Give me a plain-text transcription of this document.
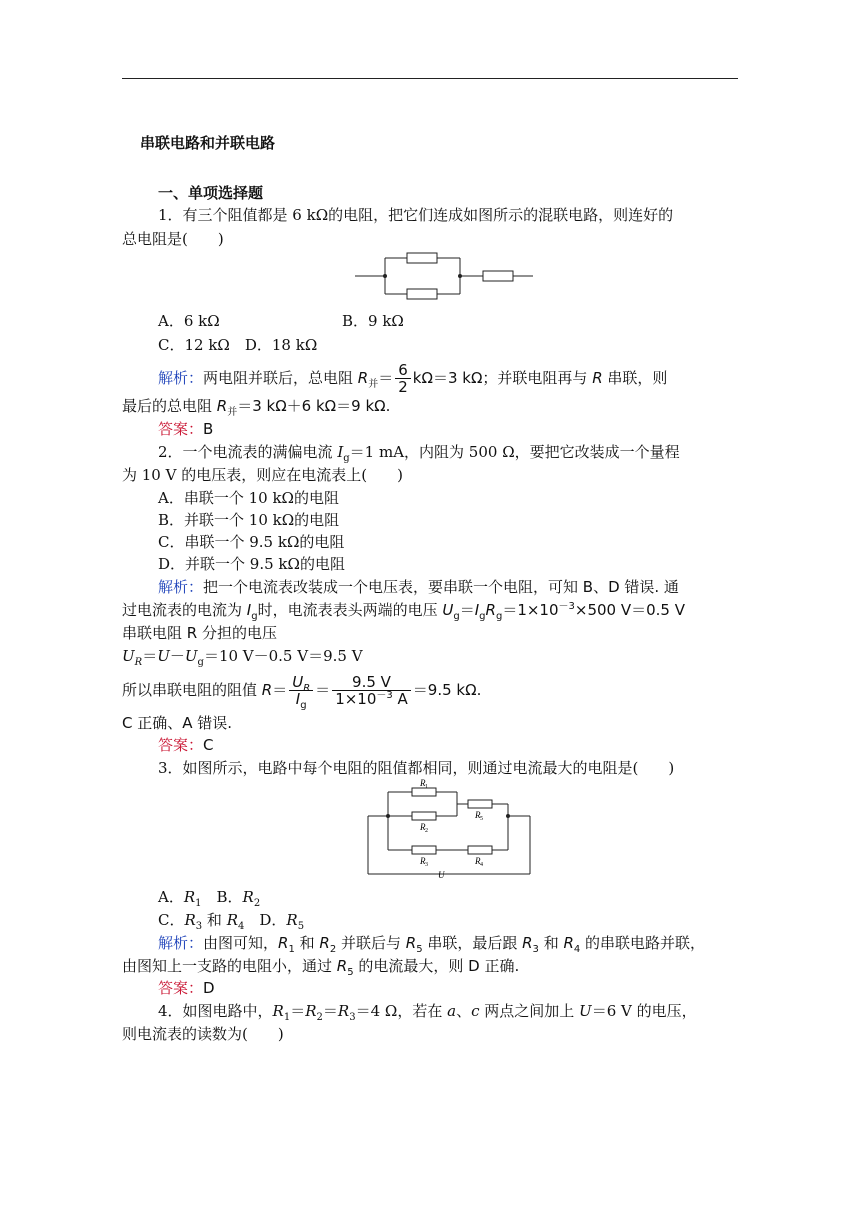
串联电路和并联电路
一、单项选择题
1．有三个阻值都是 6 kΩ的电阻，把它们连成如图所示的混联电路，则连好的
总电阻是(　　)
A．6 kΩ	B．9 kΩ
C．12 kΩ　D．18 kΩ
解析：两电阻并联后，总电阻 $R_并= \frac{6}{2} k\Omega=3$ kΩ；并联电阻再与 R 串联，则
最后的总电阻 $R_并=3$ kΩ＋6 kΩ＝9 kΩ.
答案：B
2．一个电流表的满偏电流 $I_g=1$ mA，内阻为 500 Ω，要把它改装成一个量程
为 10 V 的电压表，则应在电流表上(　　)
A．串联一个 10 kΩ的电阻
B．并联一个 10 kΩ的电阻
C．串联一个 9.5 kΩ的电阻
D．并联一个 9.5 kΩ的电阻
解析：把一个电流表改装成一个电压表，要串联一个电阻，可知 B、D 错误. 通
过电流表的电流为 $I_g$时，电流表表头两端的电压 $U_g=I_gR_g=1\times 10^{-3}\times 500$ V＝0.5 V
串联电阻 R 分担的电压
$U_R=U-U_g=10$ V－0.5 V＝9.5 V
所以串联电阻的阻值 $R= \frac{U_R}{I_g} = \frac{9.5 V}{1\times 10^{-3} A} =9.5$ kΩ.
C 正确、A 错误.
答案：C
3．如图所示，电路中每个电阻的阻值都相同，则通过电流最大的电阻是(　　)
R 1
R 2
R 5
R 3	R 4
U
A．$R_1$　B．$R_2$
C．$R_3$ 和 $R_4$　D．$R_5$
解析：由图可知，$R_1$ 和 $R_2$ 并联后与 $R_5$ 串联，最后跟 $R_3$ 和 $R_4$ 的串联电路并联，
由图知上一支路的电阻小，通过 $R_5$ 的电流最大，则 D 正确.
答案：D
4．如图电路中，$R_1=R_2=R_3=4$ Ω，若在 a、c 两点之间加上 U＝6 V 的电压，
则电流表的读数为(　　)
